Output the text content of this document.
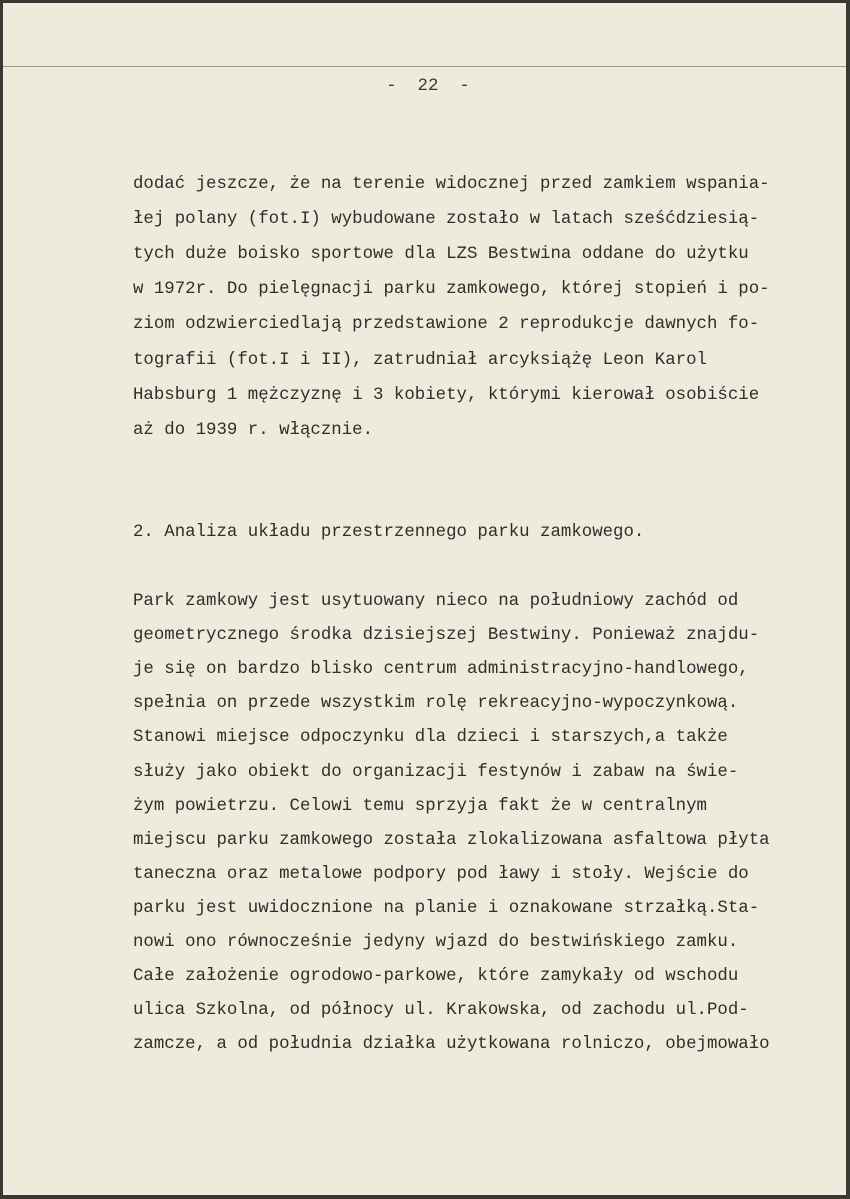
-  22  -
dodać jeszcze, że na terenie widocznej przed zamkiem wspania-
łej polany (fot.I) wybudowane zostało w latach sześćdziesią-
tych duże boisko sportowe dla LZS Bestwina oddane do użytku
w 1972r. Do pielęgnacji parku zamkowego, której stopień i po-
ziom odzwierciedlają przedstawione 2 reprodukcje dawnych fo-
tografii (fot.I i II), zatrudniał arcyksiążę Leon Karol
Habsburg 1 mężczyznę i 3 kobiety, którymi kierował osobiście
aż do 1939 r. włącznie.
2. Analiza układu przestrzennego parku zamkowego.
Park zamkowy jest usytuowany nieco na południowy zachód od
geometrycznego środka dzisiejszej Bestwiny. Ponieważ znajdu-
je się on bardzo blisko centrum administracyjno-handlowego,
spełnia on przede wszystkim rolę rekreacyjno-wypoczynkową.
Stanowi miejsce odpoczynku dla dzieci i starszych,a także
służy jako obiekt do organizacji festynów i zabaw na świe-
żym powietrzu. Celowi temu sprzyja fakt że w centralnym
miejscu parku zamkowego została zlokalizowana asfaltowa płyta
taneczna oraz metalowe podpory pod ławy i stoły. Wejście do
parku jest uwidocznione na planie i oznakowane strzałką.Sta-
nowi ono równocześnie jedyny wjazd do bestwińskiego zamku.
Całe założenie ogrodowo-parkowe, które zamykały od wschodu
ulica Szkolna, od północy ul. Krakowska, od zachodu ul.Pod-
zamcze, a od południa działka użytkowana rolniczo, obejmowało
